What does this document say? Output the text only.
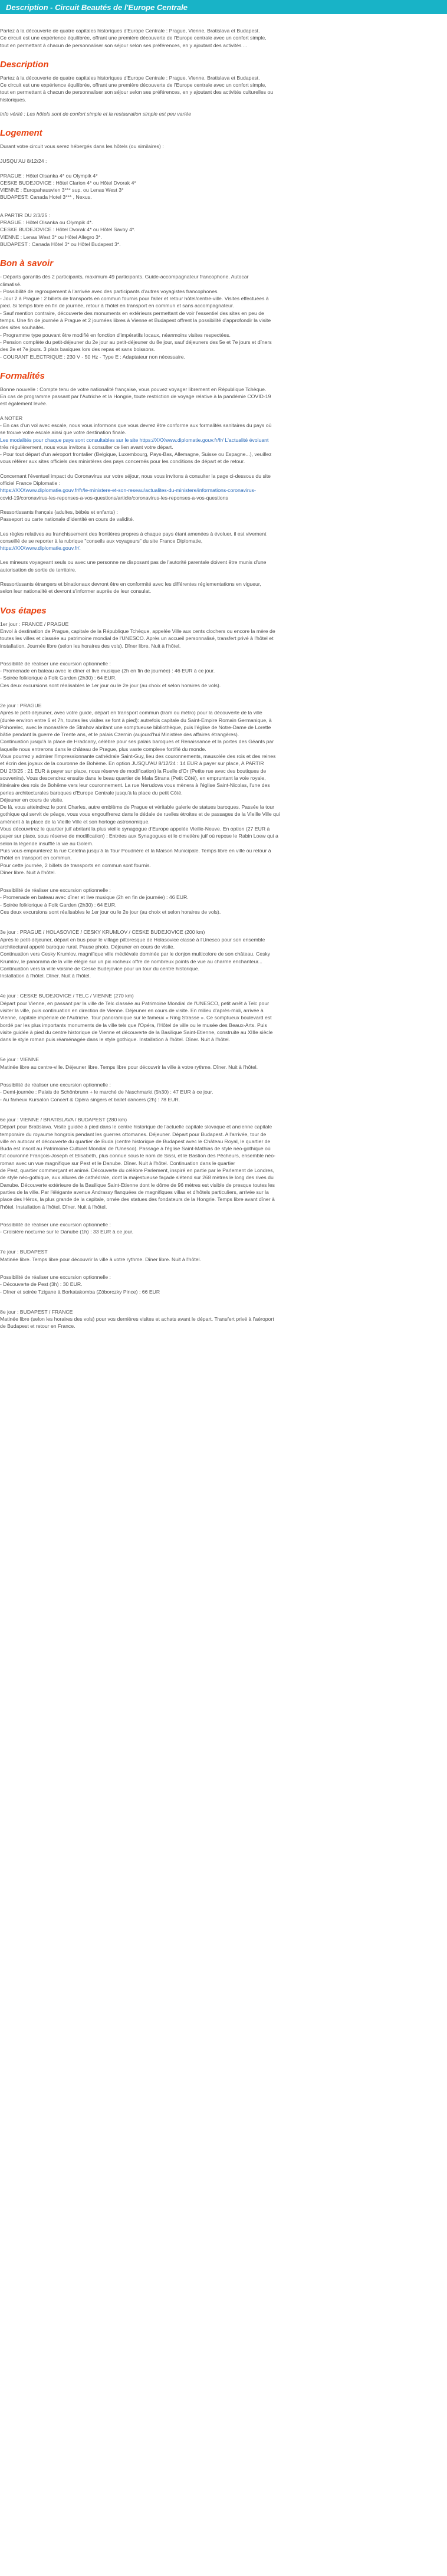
Description - Circuit Beautés de l'Europe Centrale
Partez à la découverte de quatre capitales historiques d'Europe Centrale : Prague, Vienne, Bratislava et Budapest.
Ce circuit est une expérience équilibrée, offrant une première découverte de l'Europe centrale avec un confort simple,
tout en permettant à chacun de personnaliser son séjour selon ses préférences, en y ajoutant des activités ...
Description
Partez à la découverte de quatre capitales historiques d'Europe Centrale : Prague, Vienne, Bratislava et Budapest.
Ce circuit est une expérience équilibrée, offrant une première découverte de l'Europe centrale avec un confort simple,
tout en permettant à chacun de personnaliser son séjour selon ses préférences, en y ajoutant des activités culturelles ou
historiques.
Info vérité : Les hôtels sont de confort simple et la restauration simple est peu variée
Logement
Durant votre circuit vous serez hébergés dans les hôtels (ou similaires) :

JUSQU'AU 8/12/24 :

PRAGUE : Hôtel Olsanka 4* ou Olympik 4*
CESKE BUDEJOVICE : Hôtel Clarion 4* ou Hôtel Dvorak 4*
VIENNE : Europahausvien 3*** sup. ou Lenas West 3*
BUDAPEST: Canada Hotel 3*** , Nexus.
A PARTIR DU 2/3/25 :
PRAGUE : Hôtel Olsanka ou Olympik 4*.
CESKE BUDEJOVICE : Hôtel Dvorak 4* ou Hôtel Savoy 4*.
VIENNE : Lenas West 3* ou Hôtel Allegro 3*.
BUDAPEST : Canada Hôtel 3* ou Hôtel Budapest 3*.
Bon à savoir
- Départs garantis dès 2 participants, maximum 49 participants. Guide-accompagnateur francophone. Autocar
climatisé.
- Possibilité de regroupement à l'arrivée avec des participants d'autres voyagistes francophones.
- Jour 2 à Prague : 2 billets de transports en commun fournis pour l'aller et retour hôtel/centre-ville. Visites effectuées à
pied. Si temps libre en fin de journée, retour à l'hôtel en transport en commun et sans accompagnateur.
- Sauf mention contraire, découverte des monuments en extérieurs permettant de voir l'essentiel des sites en peu de
temps. Une fin de journée à Prague et 2 journées libres à Vienne et Budapest offrent la possibilité d'approfondir la visite
des sites souhaités.
- Programme type pouvant être modifié en fonction d'impératifs locaux, néanmoins visites respectées.
- Pension complète du petit-déjeuner du 2e jour au petit-déjeuner du 8e jour, sauf déjeuners des 5e et 7e jours et dîners
des 2e et 7e jours. 3 plats basiques lors des repas et sans boissons.
- COURANT ELECTRIQUE : 230 V - 50 Hz - Type E : Adaptateur non nécessaire.
Formalités
Bonne nouvelle : Compte tenu de votre nationalité française, vous pouvez voyager librement en République Tchèque.
En cas de programme passant par l'Autriche et la Hongrie, toute restriction de voyage relative à la pandémie COVID-19
est également levée.
A NOTER
- En cas d'un vol avec escale, nous vous informons que vous devrez être conforme aux formalités sanitaires du pays où
se trouve votre escale ainsi que votre destination finale.
Les modalités pour chaque pays sont consultables sur le site https://XXXwww.diplomatie.gouv.fr/fr/ L'actualité évoluant
très régulièrement, nous vous invitons à consulter ce lien avant votre départ.
- Pour tout départ d'un aéroport frontalier (Belgique, Luxembourg, Pays-Bas, Allemagne, Suisse ou Espagne...), veuillez
vous référer aux sites officiels des ministères des pays concernés pour les conditions de départ et de retour.
Concernant l'éventuel impact du Coronavirus sur votre séjour, nous vous invitons à consulter la page ci-dessous du site
officiel France Diplomatie :
https://XXXwww.diplomatie.gouv.fr/fr/le-ministere-et-son-reseau/actualites-du-ministere/informations-coronavirus-
covid-19/coronavirus-les-reponses-a-vos-questions/article/coronavirus-les-reponses-a-vos-questions
Ressortissants français (adultes, bébés et enfants) :
Passeport ou carte nationale d'identité en cours de validité.
Les règles relatives au franchissement des frontières propres à chaque pays étant amenées à évoluer, il est vivement
conseillé de se reporter à la rubrique "conseils aux voyageurs" du site France Diplomatie,
https://XXXwww.diplomatie.gouv.fr/.
Les mineurs voyageant seuls ou avec une personne ne disposant pas de l'autorité parentale doivent être munis d'une
autorisation de sortie de territoire.
Ressortissants étrangers et binationaux devront être en conformité avec les différentes réglementations en vigueur,
selon leur nationalité et devront s'informer auprès de leur consulat.
Vos étapes
1er jour : FRANCE / PRAGUE
Envol à destination de Prague, capitale de la République Tchèque, appelée Ville aux cents clochers ou encore la mère de
toutes les villes et classée au patrimoine mondial de l'UNESCO. Après un accueil personnalisé, transfert privé à l'hôtel et
installation. Journée libre (selon les horaires des vols). Dîner libre. Nuit à l'hôtel.
Possibilité de réaliser une excursion optionnelle :
- Promenade en bateau avec le dîner et live musique (2h en fin de journée) : 46 EUR à ce jour.
- Soirée folklorique à Folk Garden (2h30) : 64 EUR.
Ces deux excursions sont réalisables le 1er jour ou le 2e jour (au choix et selon horaires de vols).
2e jour : PRAGUE
Après le petit-déjeuner, avec votre guide, départ en transport commun (tram ou métro) pour la découverte de la ville
(durée environ entre 6 et 7h, toutes les visites se font à pied): autrefois capitale du Saint-Empire Romain Germanique, à
Pohorelec, avec le monastère de Strahov abritant une somptueuse bibliothèque, puis l'église de Notre-Dame de Lorette
bâtie pendant la guerre de Trente ans, et le palais Czernin (aujourd'hui Ministère des affaires étrangères).
Continuation jusqu'à la place de Hradcany, célèbre pour ses palais baroques et Renaissance et la portes des Géants par
laquelle nous entrerons dans le château de Prague, plus vaste complexe fortifié du monde.
Vous pourrez y admirer l'impressionnante cathédrale Saint-Guy, lieu des couronnements, mausolée des rois et des reines
et écrin des joyaux de la couronne de Bohème. En option JUSQU'AU 8/12/24 : 14 EUR à payer sur place, A PARTIR
DU 2/3/25 : 21 EUR à payer sur place, nous réserve de modification) la Ruelle d'Or (Petite rue avec des boutiques de
souvenirs). Vous descendrez ensuite dans le beau quartier de Mala Strana (Petit Côté), en empruntant la voie royale,
itinéraire des rois de Bohême vers leur couronnement. La rue Nerudova vous mènera à l'église Saint-Nicolas, l'une des
perles architecturales baroques d'Europe Centrale jusqu'à la place du petit Côté.
Déjeuner en cours de visite.
De là, vous atteindrez le pont Charles, autre emblème de Prague et véritable galerie de statues baroques. Passée la tour
gothique qui servit de péage, vous vous engouffrerez dans le dédale de ruelles étroites et de passages de la Vieille Ville qui
amènent à la place de la Vieille Ville et son horloge astronomique.
Vous découvrirez le quartier juif abritant la plus vieille synagogue d'Europe appelée Vieille-Neuve. En option (27 EUR à
payer sur place, sous réserve de modification) : Entrées aux Synagogues et le cimetière juif où repose le Rabin Loew qui a
selon la légende insufflé la vie au Golem.
Puis vous emprunterez la rue Celetna jusqu'à la Tour Poudrière et la Maison Municipale. Temps libre en ville ou retour à
l'hôtel en transport en commun.
Pour cette journée, 2 billets de transports en commun sont fournis.
Dîner libre. Nuit à l'hôtel.
Possibilité de réaliser une excursion optionnelle :
- Promenade en bateau avec dîner et live musique (2h en fin de journée) : 46 EUR.
- Soirée folklorique à Folk Garden (2h30) : 64 EUR.
Ces deux excursions sont réalisables le 1er jour ou le 2e jour (au choix et selon horaires de vols).
3e jour : PRAGUE / HOLASOVICE / CESKY KRUMLOV / CESKE BUDEJOVICE (200 km)
Après le petit-déjeuner, départ en bus pour le village pittoresque de Holasovice classé à l'Unesco pour son ensemble
architectural appelé baroque rural. Pause photo. Déjeuner en cours de visite.
Continuation vers Cesky Krumlov, magnifique ville médiévale dominée par le donjon multicolore de son château. Cesky
Krumlov, le panorama de la ville élégie sur un pic rocheux offre de nombreux points de vue au charme enchanteur...
Continuation vers la ville voisine de Ceske Budejovice pour un tour du centre historique.
Installation à l'hôtel. Dîner. Nuit à l'hôtel.
4e jour : CESKE BUDEJOVICE / TELC / VIENNE (270 km)
Départ pour Vienne, en passant par la ville de Telc classée au Patrimoine Mondial de l'UNESCO, petit arrêt à Telc pour
visiter la ville, puis continuation en direction de Vienne. Déjeuner en cours de visite. En milieu d'après-midi, arrivée à
Vienne, capitale impériale de l'Autriche. Tour panoramique sur le fameux « Ring Strasse ». Ce somptueux boulevard est
bordé par les plus importants monuments de la ville tels que l'Opéra, l'Hôtel de ville ou le musée des Beaux-Arts. Puis
visite guidée à pied du centre historique de Vienne et découverte de la Basilique Saint-Etienne, construite au XIIIe siècle
dans le style roman puis réaménagée dans le style gothique. Installation à l'hôtel. Dîner. Nuit à l'hôtel.
5e jour : VIENNE
Matinée libre au centre-ville. Déjeuner libre. Temps libre pour découvrir la ville à votre rythme. Dîner. Nuit à l'hôtel.
Possibilité de réaliser une excursion optionnelle :
- Demi-journée : Palais de Schönbrunn + le marché de Naschmarkt (5h30) : 47 EUR à ce jour.
- Au fameux Kursalon Concert & Opéra singers et ballet dancers (2h) : 78 EUR.
6e jour : VIENNE / BRATISLAVA / BUDAPEST (280 km)
Départ pour Bratislava. Visite guidée à pied dans le centre historique de l'actuelle capitale slovaque et ancienne capitale
temporaire du royaume hongrois pendant les guerres ottomanes. Déjeuner. Départ pour Budapest. A l'arrivée, tour de
ville en autocar et découverte du quartier de Buda (centre historique de Budapest avec le Château Royal, le quartier de
Buda est inscrit au Patrimoine Culturel Mondial de l'Unesco). Passage à l'église Saint-Mathias de style néo-gothique où
fut couronné François-Joseph et Elisabeth, plus connue sous le nom de Sissi, et le Bastion des Pêcheurs, ensemble néo-
roman avec un vue magnifique sur Pest et le Danube. Dîner. Nuit à l'hôtel. Continuation dans le quartier
de Pest, quartier commerçant et animé. Découverte du célèbre Parlement, inspiré en partie par le Parlement de Londres,
de style néo-gothique, aux allures de cathédrale, dont la majestueuse façade s'étend sur 268 mètres le long des rives du
Danube. Découverte extérieure de la Basilique Saint-Etienne dont le dôme de 96 mètres est visible de presque toutes les
parties de la ville. Par l'élégante avenue Andrassy flanquées de magnifiques villas et d'hôtels particuliers, arrivée sur la
place des Héros, la plus grande de la capitale, ornée des statues des fondateurs de la Hongrie. Temps libre avant dîner à
l'hôtel. Installation à l'hôtel. Dîner. Nuit à l'hôtel.
Possibilité de réaliser une excursion optionnelle :
- Croisière nocturne sur le Danube (1h) : 33 EUR à ce jour.
7e jour : BUDAPEST
Matinée libre. Temps libre pour découvrir la ville à votre rythme. Dîner libre. Nuit à l'hôtel.
Possibilité de réaliser une excursion optionnelle :
- Découverte de Pest (3h) : 30 EUR.
- Dîner et soirée Tzigane à Borkatakomba (Zöborczky Pince) : 66 EUR
8e jour : BUDAPEST / FRANCE
Matinée libre (selon les horaires des vols) pour vos dernières visites et achats avant le départ. Transfert privé à l'aéroport
de Budapest et retour en France.
